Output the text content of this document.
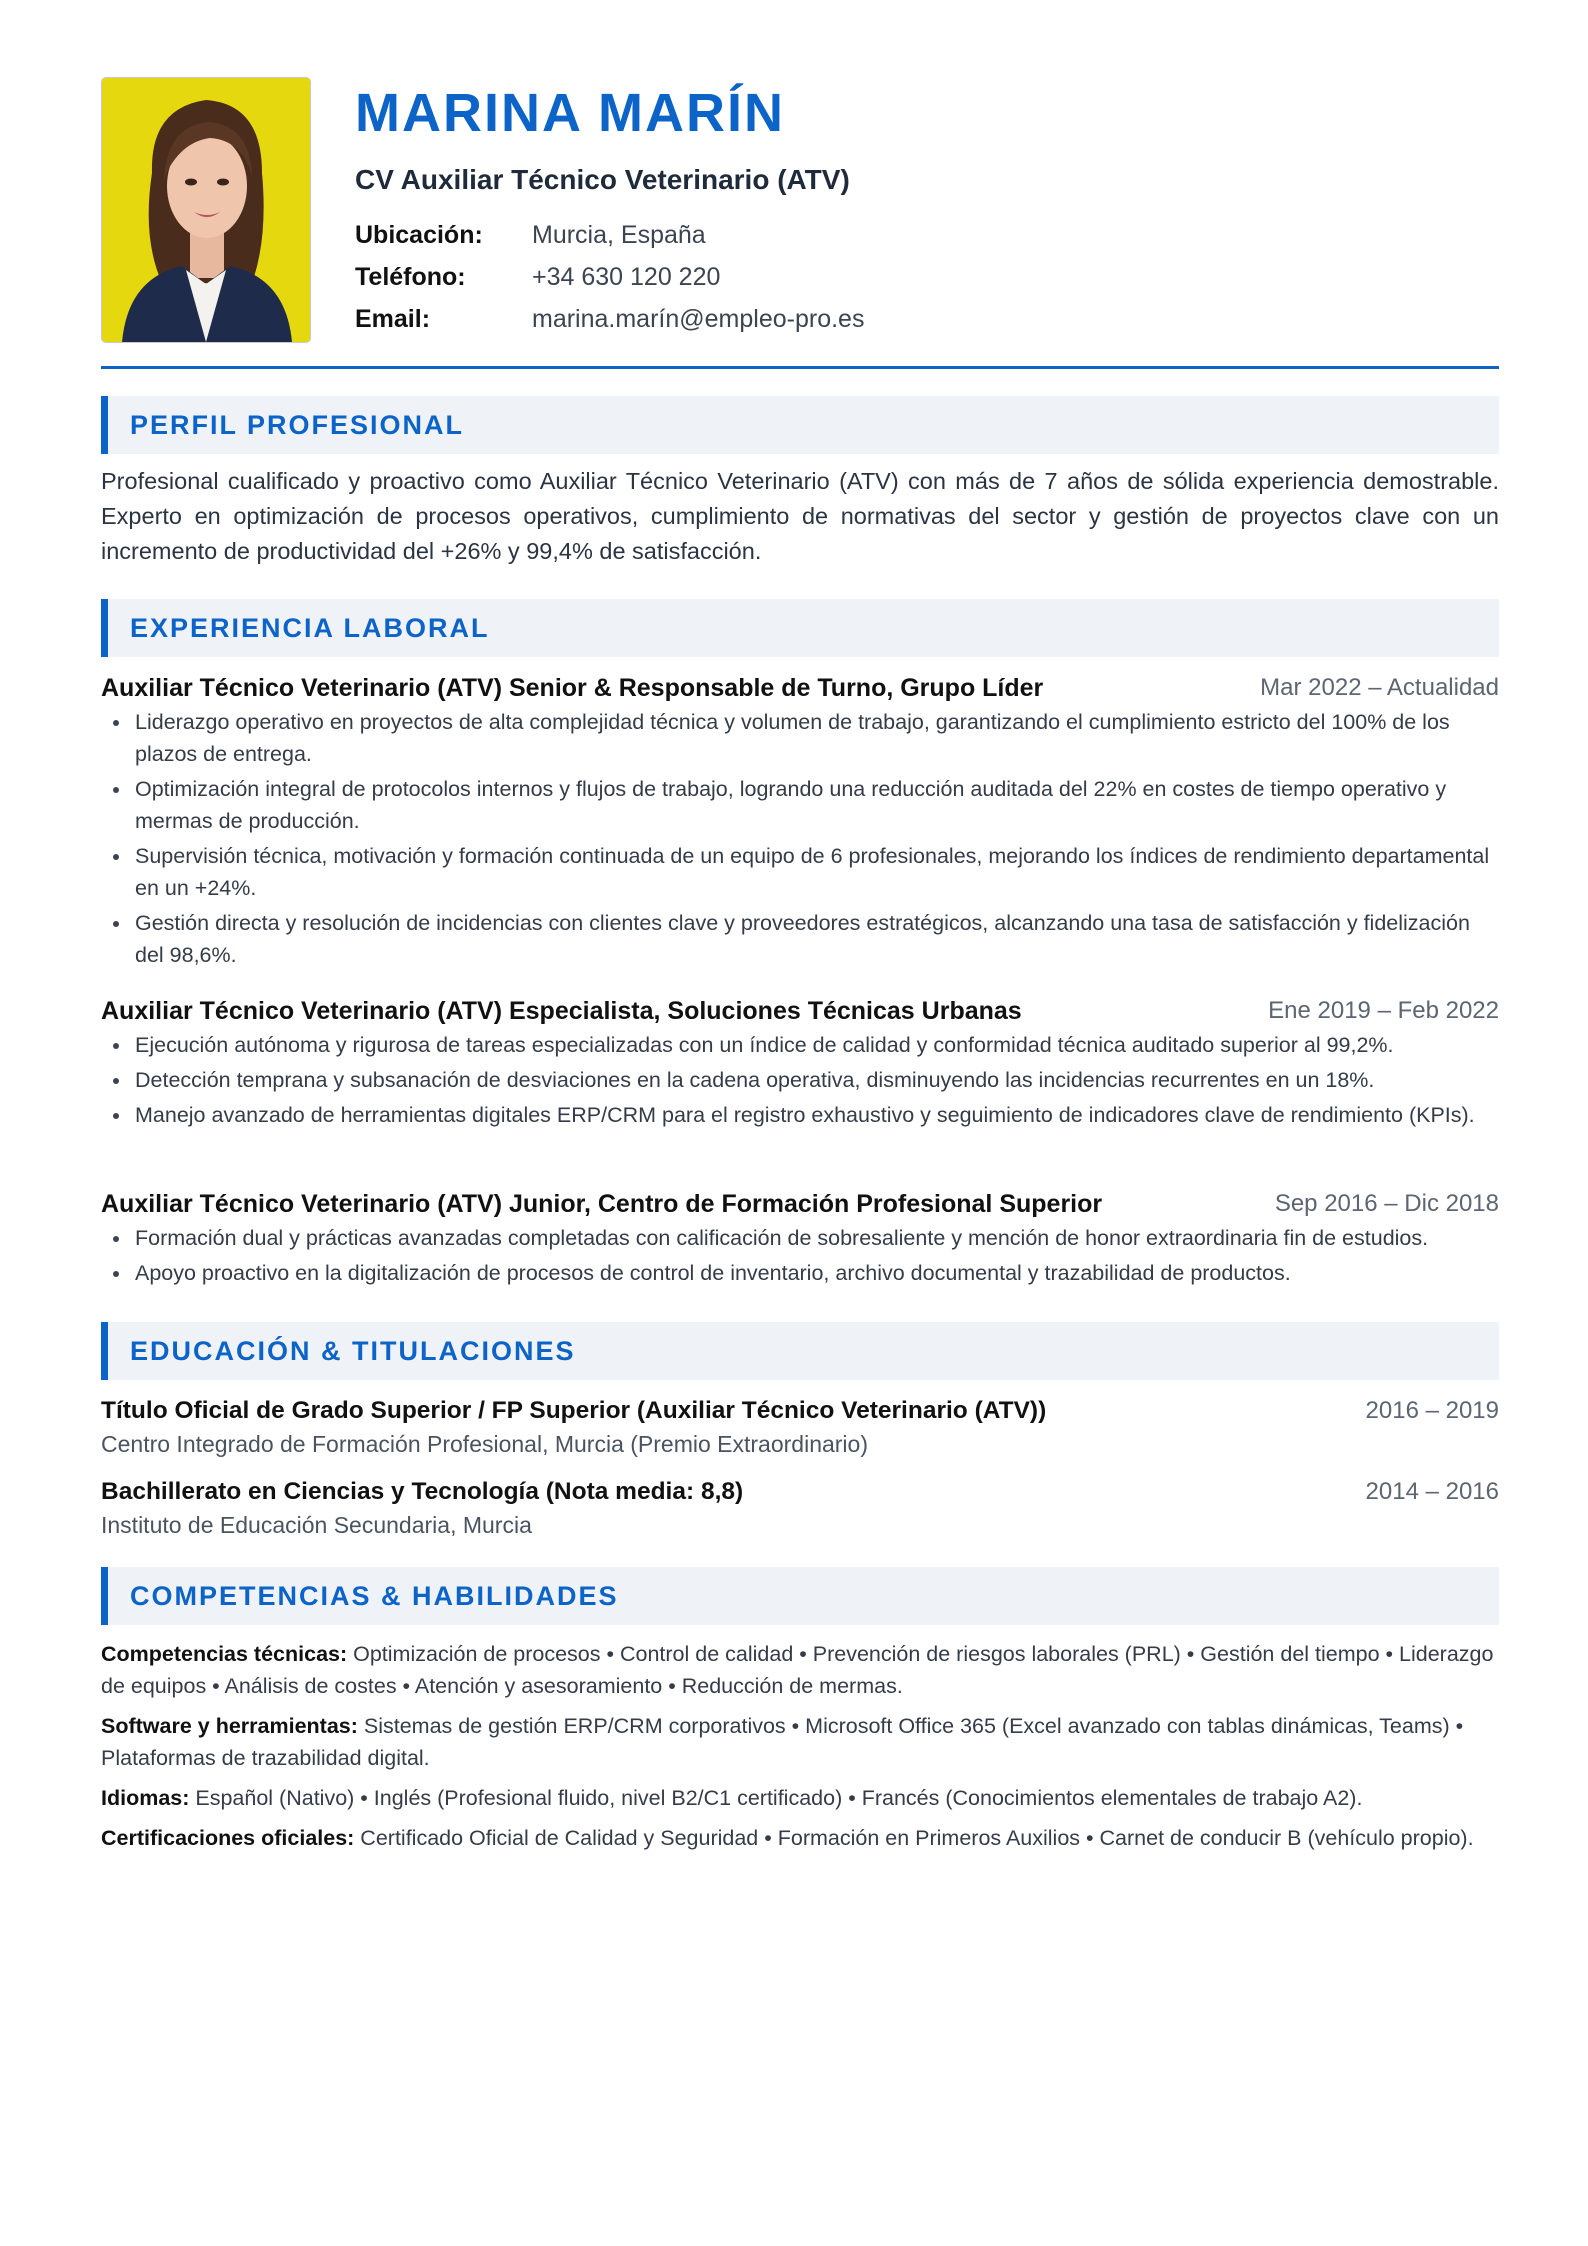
MARINA MARÍN
CV Auxiliar Técnico Veterinario (ATV)
Ubicación: Murcia, España
Teléfono:	+34 630 120 220
Email:	marina.marín@empleo-pro.es
PERFIL PROFESIONAL
Profesional cualificado y proactivo como Auxiliar Técnico Veterinario (ATV) con más de 7 años de sólida experiencia demostrable. Experto en optimización de procesos operativos, cumplimiento de normativas del sector y gestión de proyectos clave con un incremento de productividad del +26% y 99,4% de satisfacción.
EXPERIENCIA LABORAL
Auxiliar Técnico Veterinario (ATV) Senior & Responsable de Turno, Grupo Líder	Mar 2022 – Actualidad
Liderazgo operativo en proyectos de alta complejidad técnica y volumen de trabajo, garantizando el cumplimiento estricto del 100% de los plazos de entrega.
Optimización integral de protocolos internos y flujos de trabajo, logrando una reducción auditada del 22% en costes de tiempo operativo y mermas de producción.
Supervisión técnica, motivación y formación continuada de un equipo de 6 profesionales, mejorando los índices de rendimiento departamental en un +24%.
Gestión directa y resolución de incidencias con clientes clave y proveedores estratégicos, alcanzando una tasa de satisfacción y fidelización del 98,6%.
Auxiliar Técnico Veterinario (ATV) Especialista, Soluciones Técnicas Urbanas	Ene 2019 – Feb 2022
Ejecución autónoma y rigurosa de tareas especializadas con un índice de calidad y conformidad técnica auditado superior al 99,2%.
Detección temprana y subsanación de desviaciones en la cadena operativa, disminuyendo las incidencias recurrentes en un 18%.
Manejo avanzado de herramientas digitales ERP/CRM para el registro exhaustivo y seguimiento de indicadores clave de rendimiento (KPIs).
Auxiliar Técnico Veterinario (ATV) Junior, Centro de Formación Profesional Superior	Sep 2016 – Dic 2018
Formación dual y prácticas avanzadas completadas con calificación de sobresaliente y mención de honor extraordinaria fin de estudios.
Apoyo proactivo en la digitalización de procesos de control de inventario, archivo documental y trazabilidad de productos.
EDUCACIÓN & TITULACIONES
Título Oficial de Grado Superior / FP Superior (Auxiliar Técnico Veterinario (ATV))	2016 – 2019
Centro Integrado de Formación Profesional, Murcia (Premio Extraordinario)
Bachillerato en Ciencias y Tecnología (Nota media: 8,8)	2014 – 2016
Instituto de Educación Secundaria, Murcia
COMPETENCIAS & HABILIDADES
Competencias técnicas: Optimización de procesos • Control de calidad • Prevención de riesgos laborales (PRL) • Gestión del tiempo • Liderazgo de equipos • Análisis de costes • Atención y asesoramiento • Reducción de mermas.
Software y herramientas: Sistemas de gestión ERP/CRM corporativos • Microsoft Office 365 (Excel avanzado con tablas dinámicas, Teams) • Plataformas de trazabilidad digital.
Idiomas: Español (Nativo) • Inglés (Profesional fluido, nivel B2/C1 certificado) • Francés (Conocimientos elementales de trabajo A2).
Certificaciones oficiales: Certificado Oficial de Calidad y Seguridad • Formación en Primeros Auxilios • Carnet de conducir B (vehículo propio).
